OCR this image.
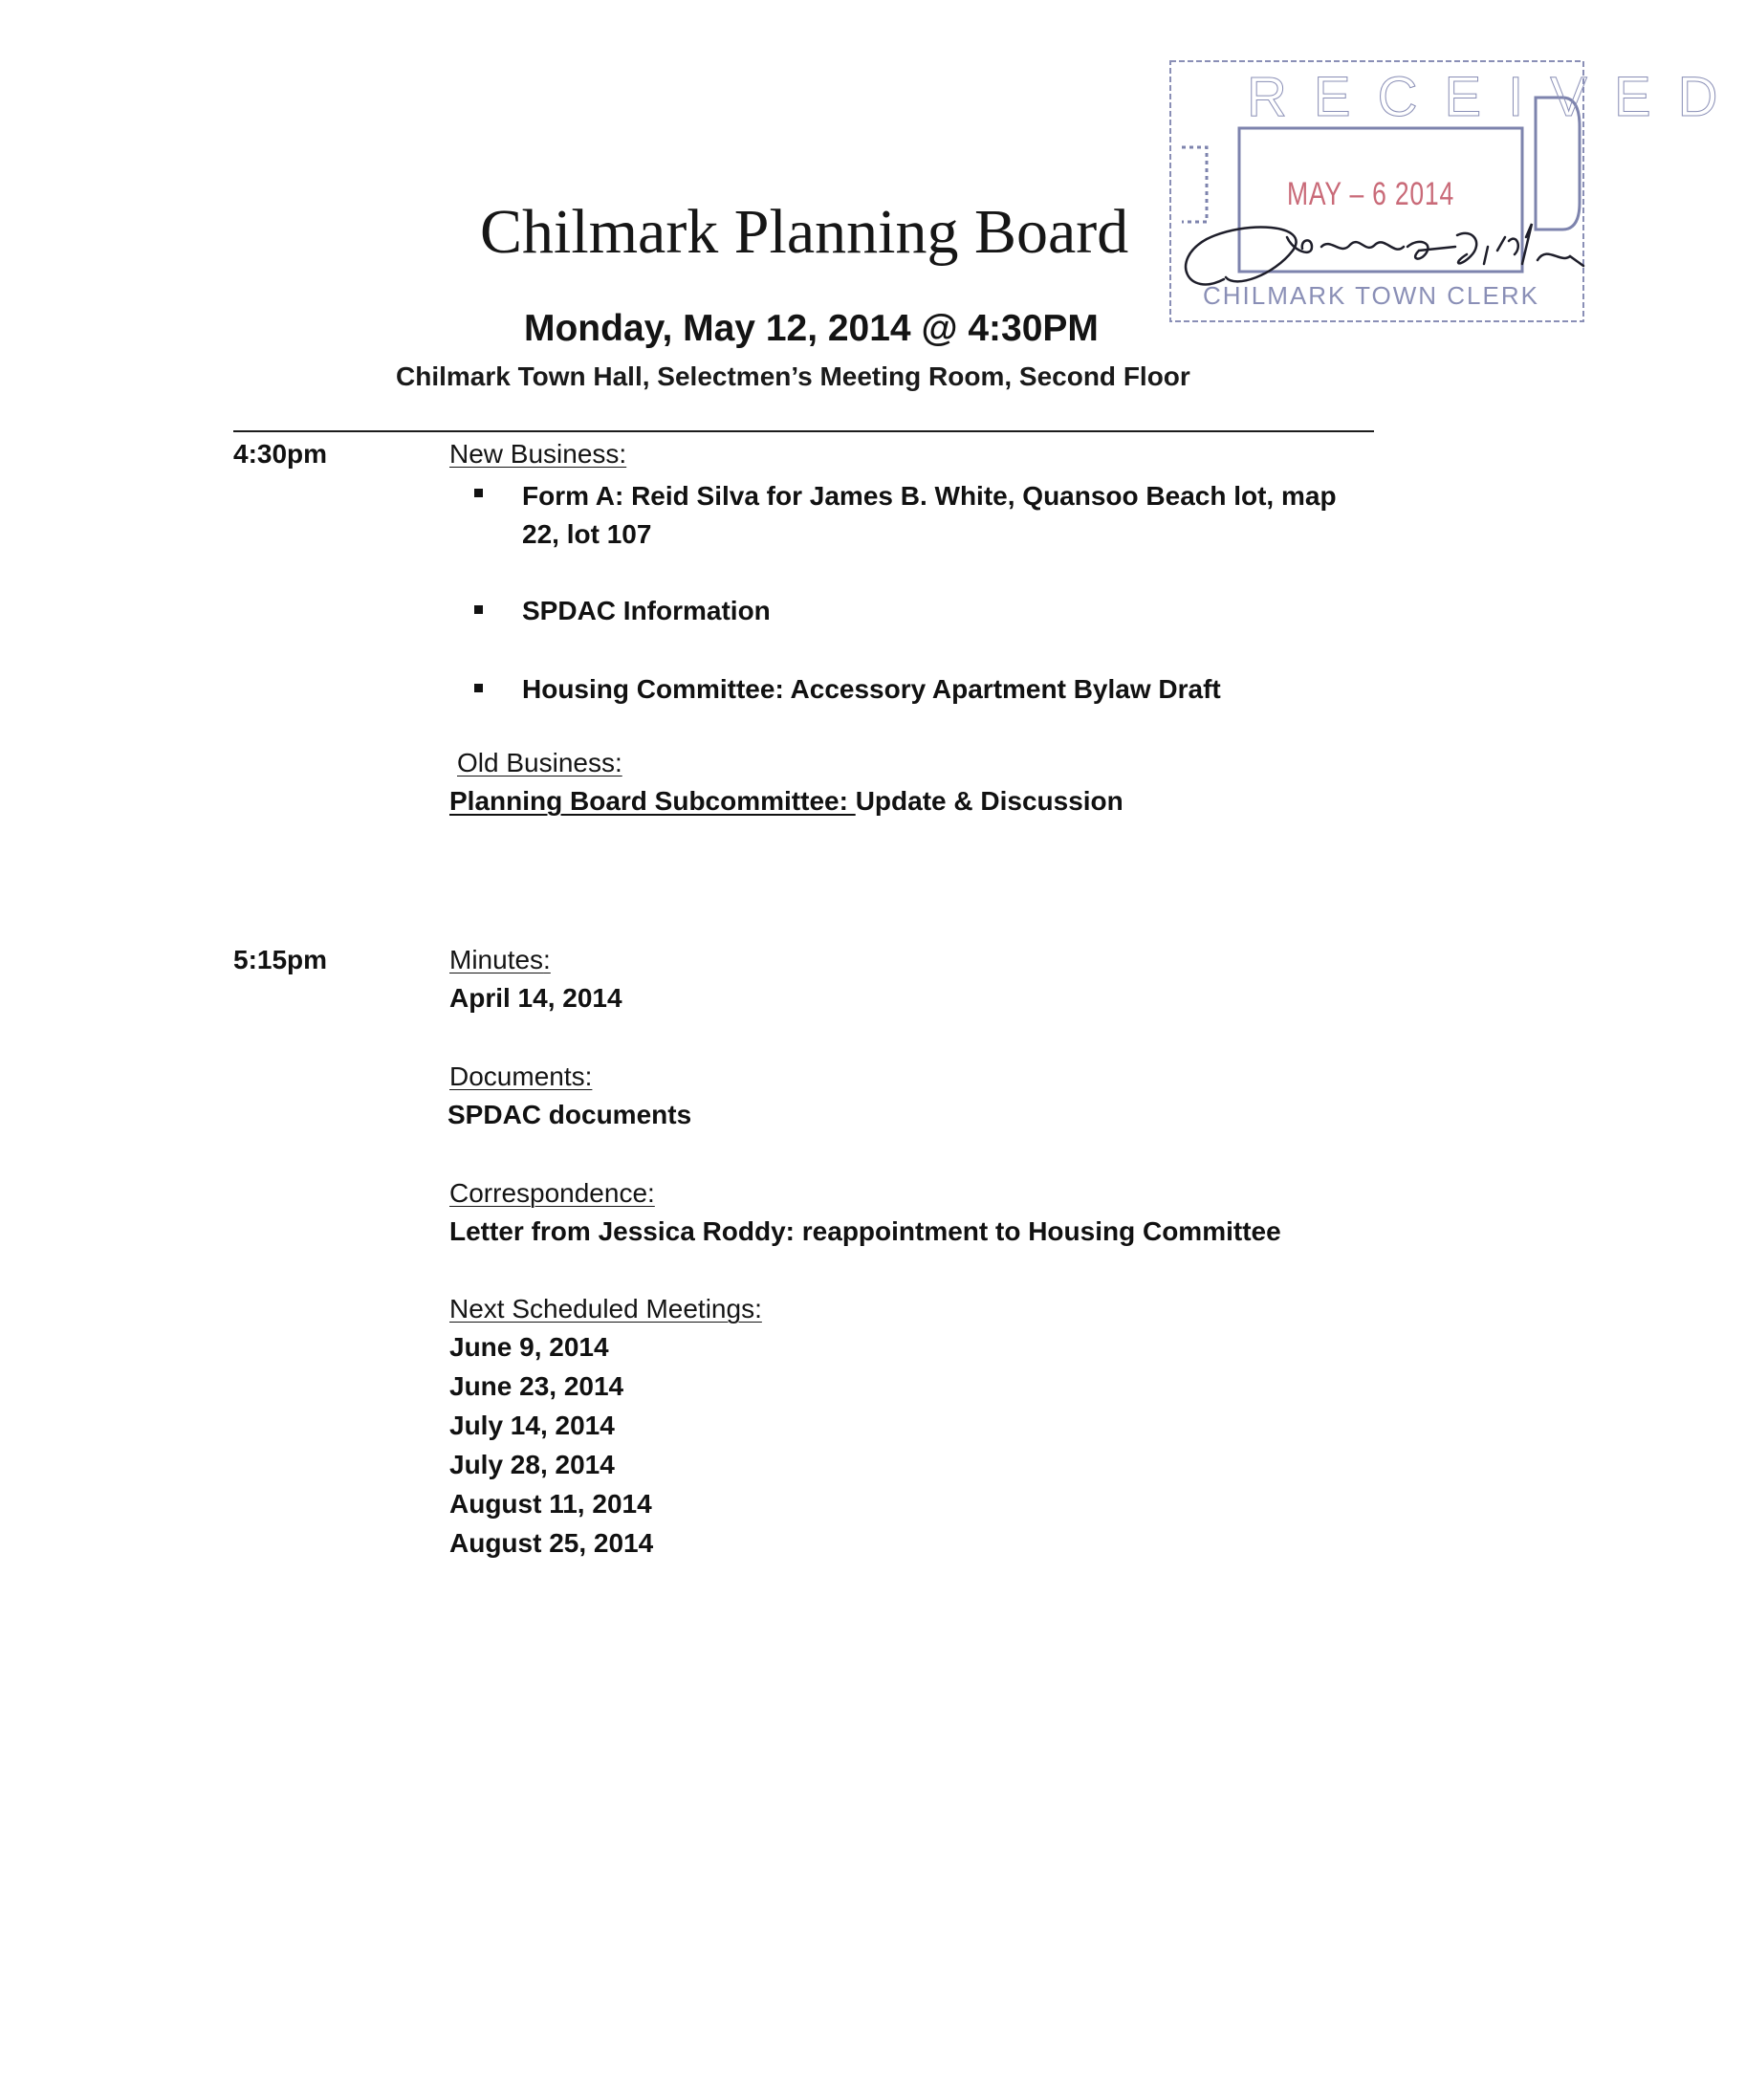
RECEIVED
MAY – 6 2014
CHILMARK TOWN CLERK
Chilmark Planning Board
Monday, May 12, 2014 @ 4:30PM
Chilmark Town Hall, Selectmen’s Meeting Room, Second Floor
4:30pm	New Business:
Form A: Reid Silva for James B. White, Quansoo Beach lot, map 22, lot 107
SPDAC Information
Housing Committee: Accessory Apartment Bylaw Draft
Old Business:
Planning Board Subcommittee: Update & Discussion
5:15pm	Minutes:
April 14, 2014
Documents:
SPDAC documents
Correspondence:
Letter from Jessica Roddy: reappointment to Housing Committee
Next Scheduled Meetings:
June 9, 2014
June 23, 2014
July 14, 2014
July 28, 2014
August 11, 2014
August 25, 2014
